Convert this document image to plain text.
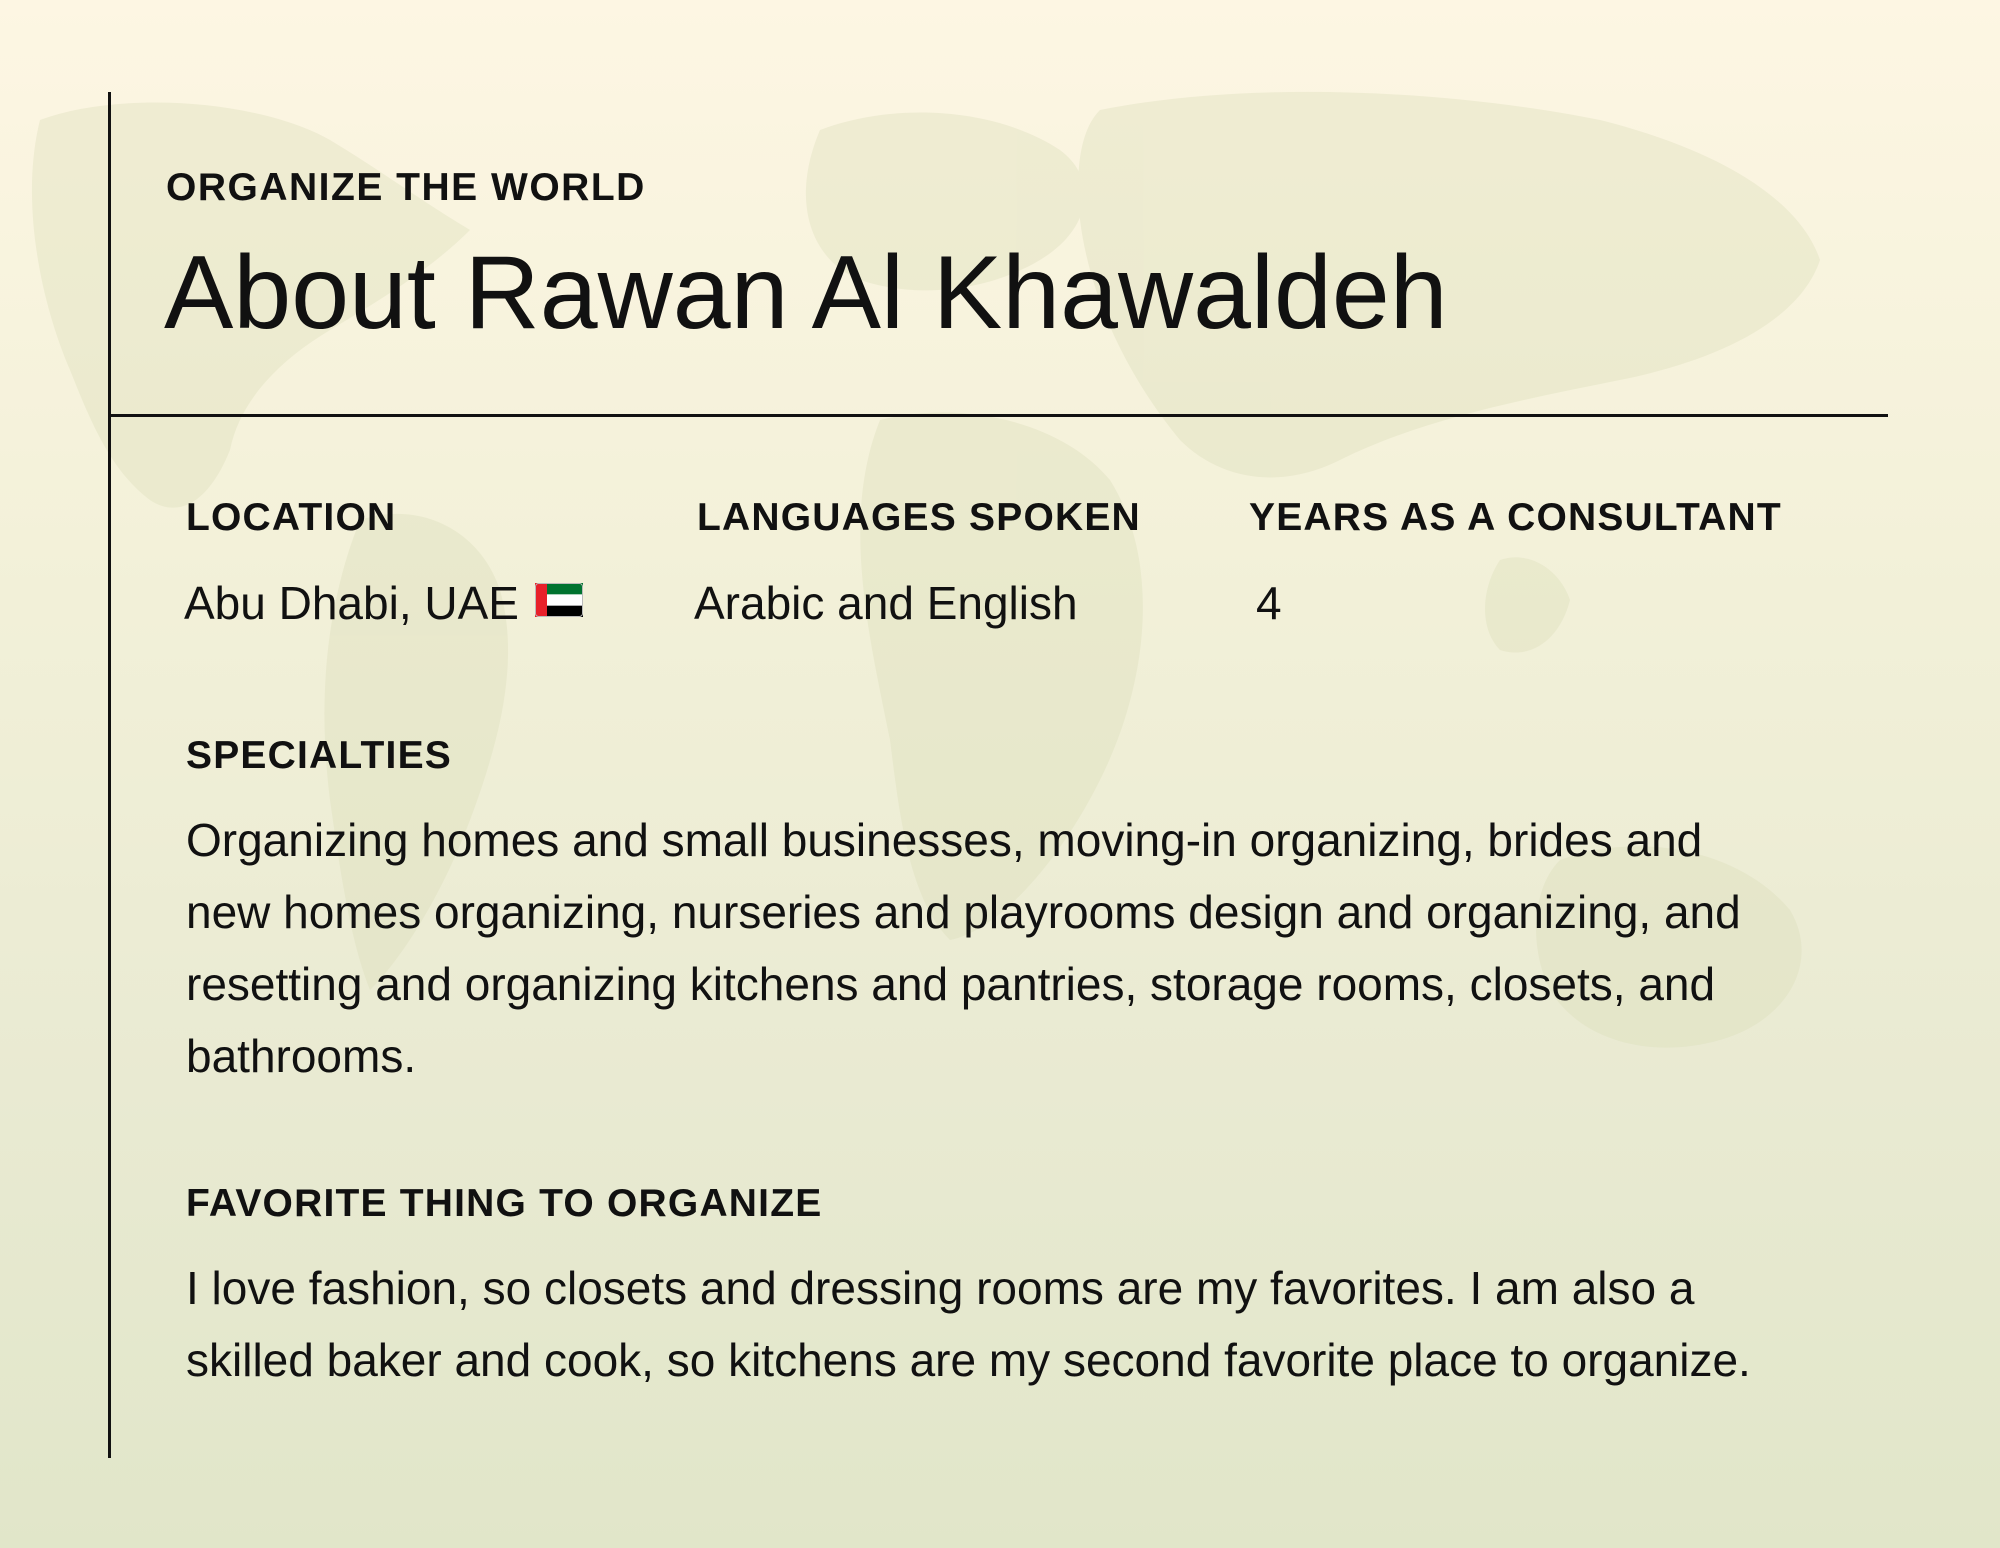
ORGANIZE THE WORLD
About Rawan Al Khawaldeh
LOCATION
Abu Dhabi, UAE
LANGUAGES SPOKEN
Arabic and English
YEARS AS A CONSULTANT
4
SPECIALTIES
Organizing homes and small businesses, moving-in organizing, brides and
new homes organizing, nurseries and playrooms design and organizing, and
resetting and organizing kitchens and pantries, storage rooms, closets, and
bathrooms.
FAVORITE THING TO ORGANIZE
I love fashion, so closets and dressing rooms are my favorites. I am also a
skilled baker and cook, so kitchens are my second favorite place to organize.
